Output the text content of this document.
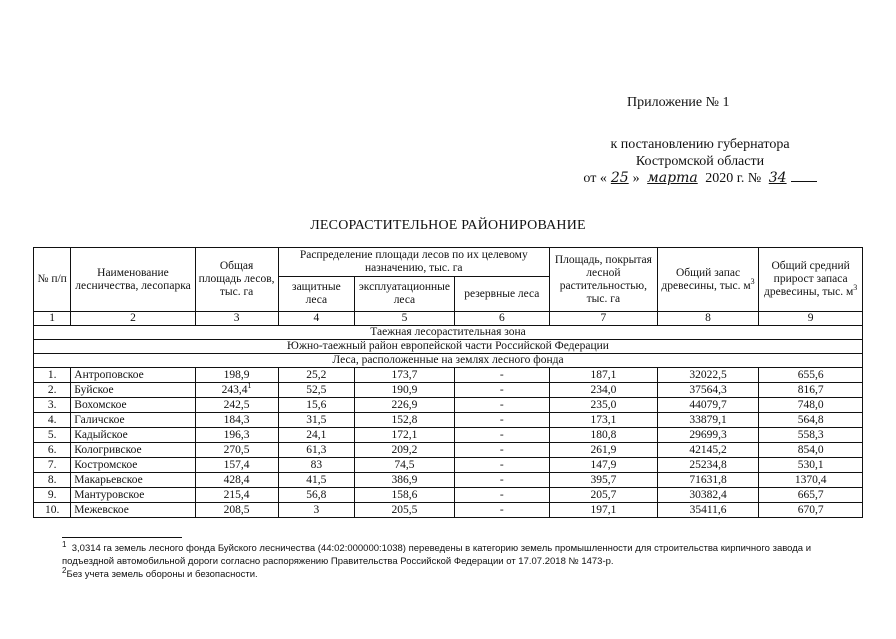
Приложение № 1
к постановлению губернатора
Костромской области
от « 25 » марта 2020 г. № 34
ЛЕСОРАСТИТЕЛЬНОЕ РАЙОНИРОВАНИЕ
№ п/п	Наименование лесничества, лесопарка	Общая площадь лесов, тыс. га	Распределение площади лесов по их целевому назначению, тыс. га			Площадь, покрытая лесной растительностью, тыс. га	Общий запас древесины, тыс. $м^3$	Общий средний прирост запаса древесины, тыс. $м^3$
			защитные леса	эксплуатационные леса	резервные леса			
1	2	3	4	5	6	7	8	9
Таежная лесорастительная зона								
Южно-таежный район европейской части Российской Федерации								
Леса, расположенные на землях лесного фонда								
1.	Антроповское	198,9	25,2	173,7	-	187,1	32022,5	655,6
2.	Буйское	243,4$^1$	52,5	190,9	-	234,0	37564,3	816,7
3.	Вохомское	242,5	15,6	226,9	-	235,0	44079,7	748,0
4.	Галичское	184,3	31,5	152,8	-	173,1	33879,1	564,8
5.	Кадыйское	196,3	24,1	172,1	-	180,8	29699,3	558,3
6.	Кологривское	270,5	61,3	209,2	-	261,9	42145,2	854,0
7.	Костромское	157,4	83	74,5	-	147,9	25234,8	530,1
8.	Макарьевское	428,4	41,5	386,9	-	395,7	71631,8	1370,4
9.	Мантуровское	215,4	56,8	158,6	-	205,7	30382,4	665,7
10.	Межевское	208,5	3	205,5	-	197,1	35411,6	670,7

$^1$ 3,0314 га земель лесного фонда Буйского лесничества (44:02:000000:1038) переведены в категорию земель промышленности для строительства кирпичного завода и

подъездной автомобильной дороги согласно распоряжению Правительства Российской Федерации от 17.07.2018 № 1473-р.

$^2$Без учета земель обороны и безопасности.
